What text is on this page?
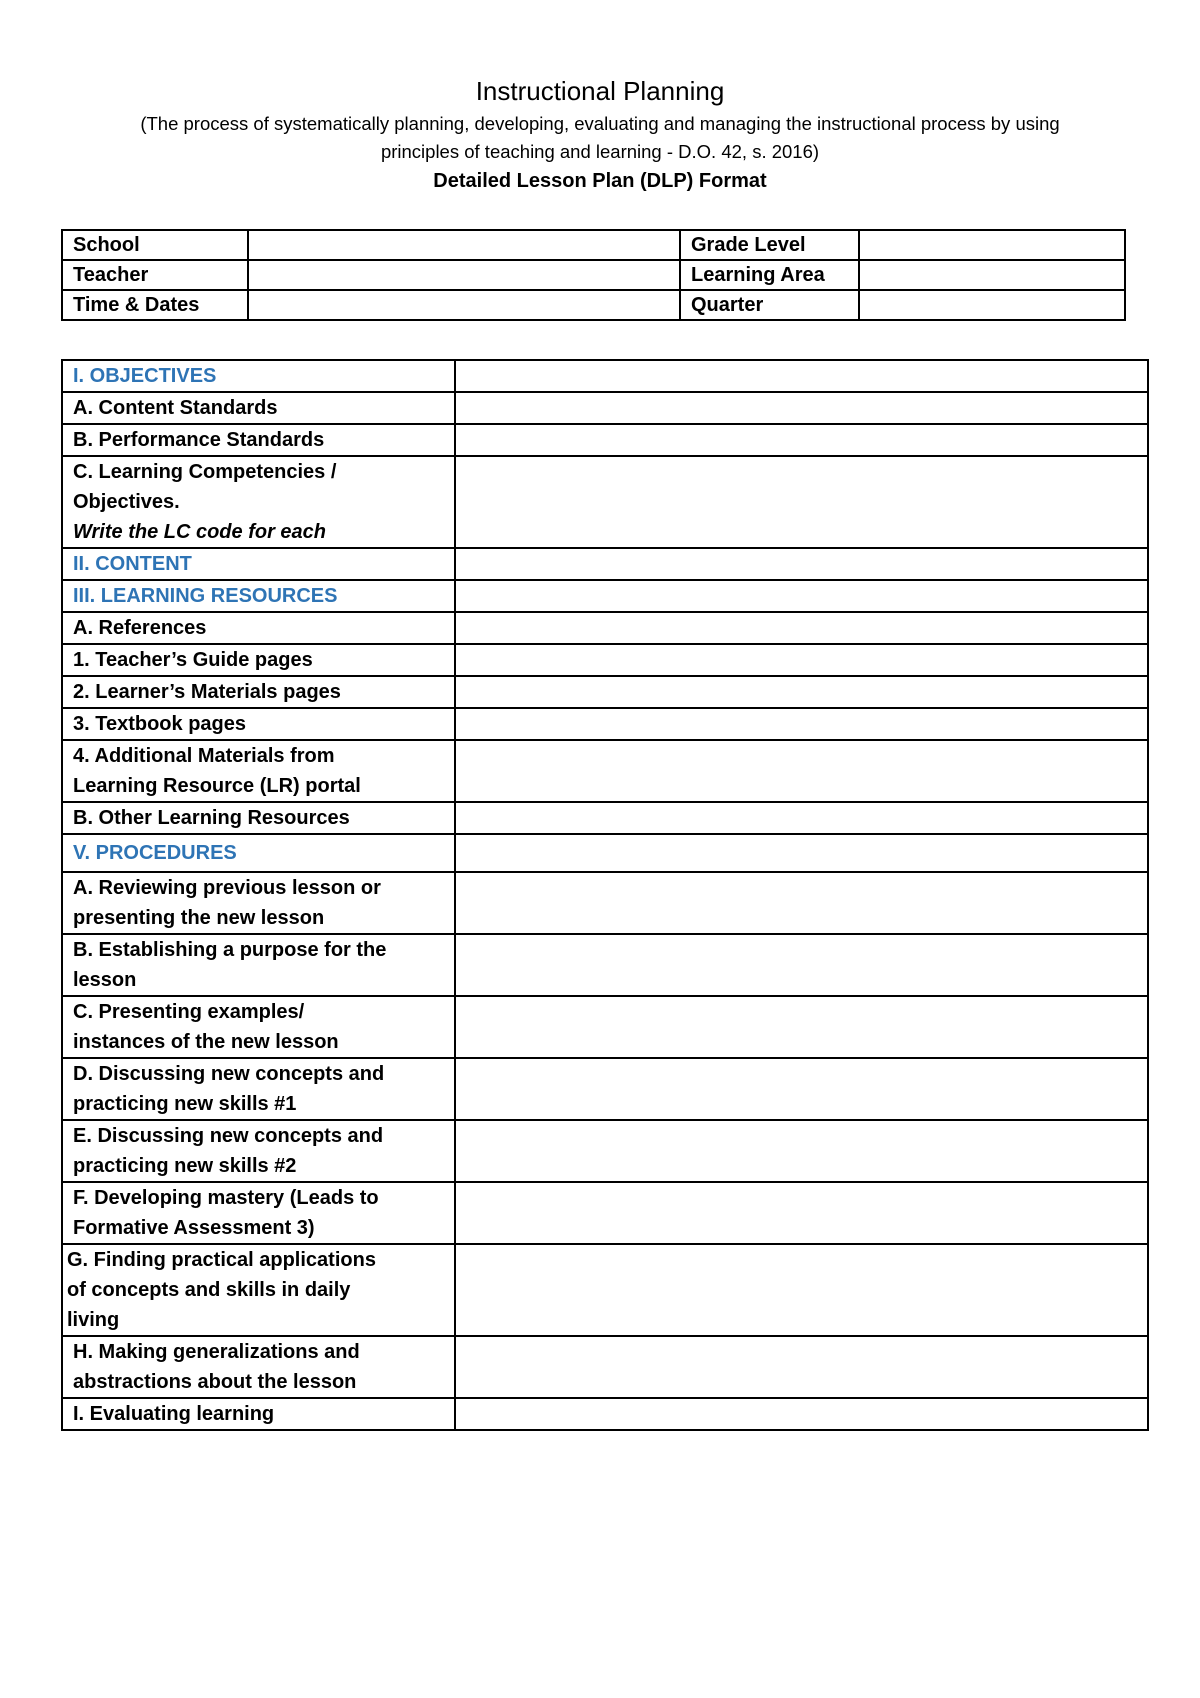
Instructional Planning
(The process of systematically planning, developing, evaluating and managing the instructional process by using
principles of teaching and learning - D.O. 42, s. 2016)
Detailed Lesson Plan (DLP) Format
School		Grade Level	
Teacher		Learning Area	
Time & Dates		Quarter	
I. OBJECTIVES	
A. Content Standards	
B. Performance Standards	

C. Learning Competencies /
Objectives.
Write the LC code for each	

II. CONTENT	
III. LEARNING RESOURCES	
A. References	
1. Teacher’s Guide pages	
2. Learner’s Materials pages	
3. Textbook pages	

4. Additional Materials from
Learning Resource (LR) portal	

B. Other Learning Resources	
V. PROCEDURES	

A. Reviewing previous lesson or
presenting the new lesson	

B. Establishing a purpose for the
lesson	

C. Presenting examples/
instances of the new lesson	

D. Discussing new concepts and
practicing new skills #1	

E. Discussing new concepts and
practicing new skills #2	

F. Developing mastery (Leads to
Formative Assessment 3)	

G. Finding practical applications
of concepts and skills in daily
living	

H. Making generalizations and
abstractions about the lesson	

I. Evaluating learning	
